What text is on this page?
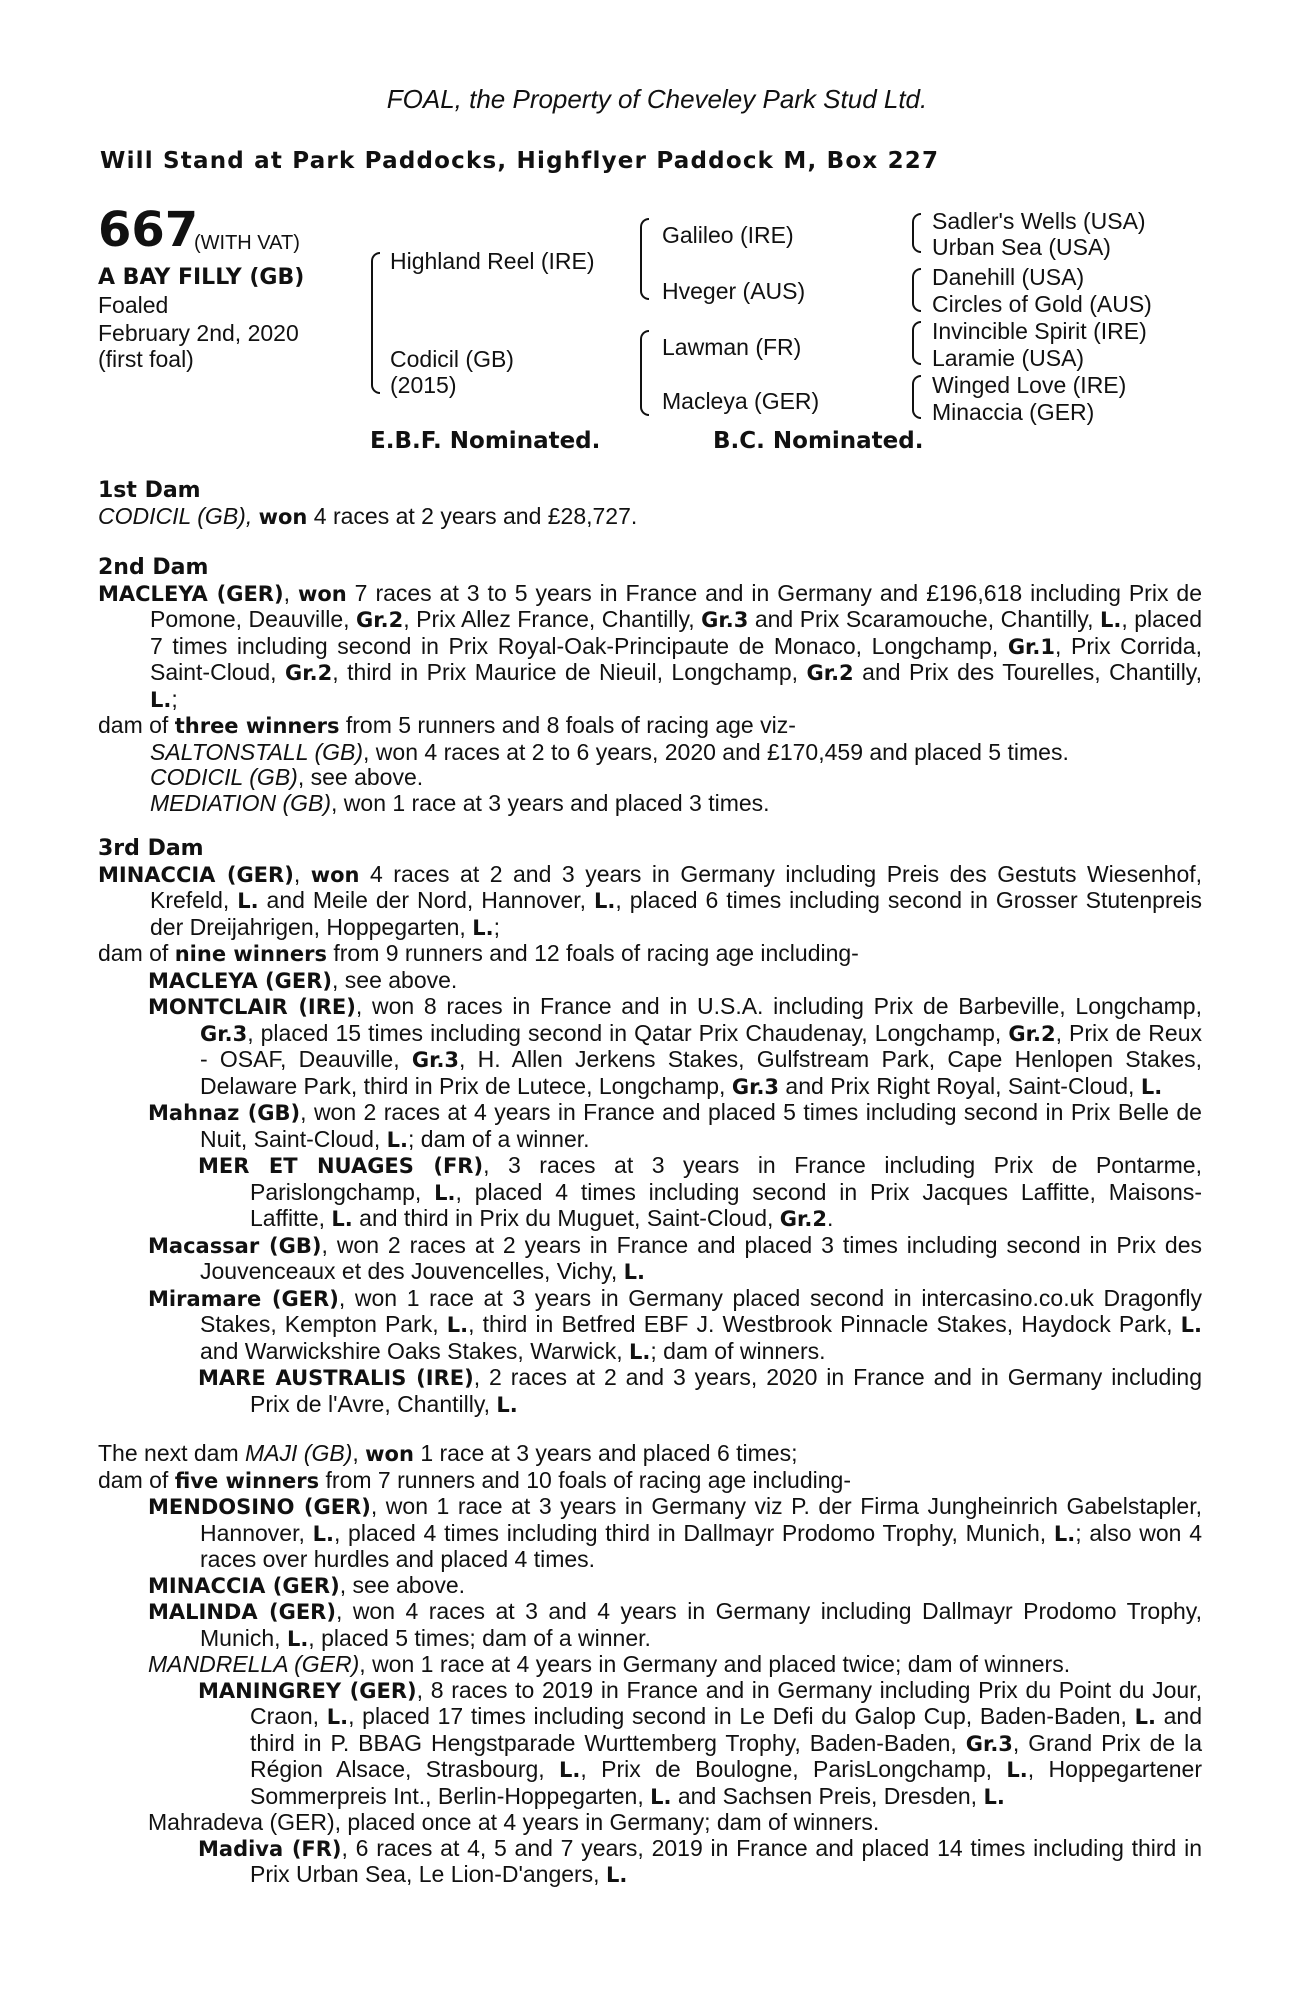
FOAL, the Property of Cheveley Park Stud Ltd.
Will Stand at Park Paddocks, Highflyer Paddock M, Box 227
667
(WITH VAT)
A BAY FILLY (GB)
Foaled
February 2nd, 2020
(first foal)
Highland Reel (IRE)
Codicil (GB)
(2015)
Galileo (IRE)
Hveger (AUS)
Lawman (FR)
Macleya (GER)
Sadler's Wells (USA)
Urban Sea (USA)
Danehill (USA)
Circles of Gold (AUS)
Invincible Spirit (IRE)
Laramie (USA)
Winged Love (IRE)
Minaccia (GER)
E.B.F. Nominated.	B.C. Nominated.
1st Dam
CODICIL (GB), won 4 races at 2 years and £28,727.
2nd Dam
MACLEYA (GER), won 7 races at 3 to 5 years in France and in Germany and £196,618 including Prix de Pomone, Deauville, Gr.2, Prix Allez France, Chantilly, Gr.3 and Prix Scaramouche, Chantilly, L., placed 7 times including second in Prix Royal-Oak-Principaute de Monaco, Longchamp, Gr.1, Prix Corrida, Saint-Cloud, Gr.2, third in Prix Maurice de Nieuil, Longchamp, Gr.2 and Prix des Tourelles, Chantilly, L.;
dam of three winners from 5 runners and 8 foals of racing age viz-
SALTONSTALL (GB), won 4 races at 2 to 6 years, 2020 and £170,459 and placed 5 times.
CODICIL (GB), see above.
MEDIATION (GB), won 1 race at 3 years and placed 3 times.
3rd Dam
MINACCIA (GER), won 4 races at 2 and 3 years in Germany including Preis des Gestuts Wiesenhof, Krefeld, L. and Meile der Nord, Hannover, L., placed 6 times including second in Grosser Stutenpreis der Dreijahrigen, Hoppegarten, L.;
dam of nine winners from 9 runners and 12 foals of racing age including-
MACLEYA (GER), see above.
MONTCLAIR (IRE), won 8 races in France and in U.S.A. including Prix de Barbeville, Longchamp, Gr.3, placed 15 times including second in Qatar Prix Chaudenay, Longchamp, Gr.2, Prix de Reux - OSAF, Deauville, Gr.3, H. Allen Jerkens Stakes, Gulfstream Park, Cape Henlopen Stakes, Delaware Park, third in Prix de Lutece, Longchamp, Gr.3 and Prix Right Royal, Saint-Cloud, L.
Mahnaz (GB), won 2 races at 4 years in France and placed 5 times including second in Prix Belle de Nuit, Saint-Cloud, L.; dam of a winner.
MER ET NUAGES (FR), 3 races at 3 years in France including Prix de Pontarme, Parislongchamp, L., placed 4 times including second in Prix Jacques Laffitte, Maisons-Laffitte, L. and third in Prix du Muguet, Saint-Cloud, Gr.2.
Macassar (GB), won 2 races at 2 years in France and placed 3 times including second in Prix des Jouvenceaux et des Jouvencelles, Vichy, L.
Miramare (GER), won 1 race at 3 years in Germany placed second in intercasino.co.uk Dragonfly Stakes, Kempton Park, L., third in Betfred EBF J. Westbrook Pinnacle Stakes, Haydock Park, L. and Warwickshire Oaks Stakes, Warwick, L.; dam of winners.
MARE AUSTRALIS (IRE), 2 races at 2 and 3 years, 2020 in France and in Germany including Prix de l'Avre, Chantilly, L.
The next dam MAJI (GB), won 1 race at 3 years and placed 6 times;
dam of five winners from 7 runners and 10 foals of racing age including-
MENDOSINO (GER), won 1 race at 3 years in Germany viz P. der Firma Jungheinrich Gabelstapler, Hannover, L., placed 4 times including third in Dallmayr Prodomo Trophy, Munich, L.; also won 4 races over hurdles and placed 4 times.
MINACCIA (GER), see above.
MALINDA (GER), won 4 races at 3 and 4 years in Germany including Dallmayr Prodomo Trophy, Munich, L., placed 5 times; dam of a winner.
MANDRELLA (GER), won 1 race at 4 years in Germany and placed twice; dam of winners.
MANINGREY (GER), 8 races to 2019 in France and in Germany including Prix du Point du Jour, Craon, L., placed 17 times including second in Le Defi du Galop Cup, Baden-Baden, L. and third in P. BBAG Hengstparade Wurttemberg Trophy, Baden-Baden, Gr.3, Grand Prix de la Région Alsace, Strasbourg, L., Prix de Boulogne, ParisLongchamp, L., Hoppegartener Sommerpreis Int., Berlin-Hoppegarten, L. and Sachsen Preis, Dresden, L.
Mahradeva (GER), placed once at 4 years in Germany; dam of winners.
Madiva (FR), 6 races at 4, 5 and 7 years, 2019 in France and placed 14 times including third in Prix Urban Sea, Le Lion-D'angers, L.
